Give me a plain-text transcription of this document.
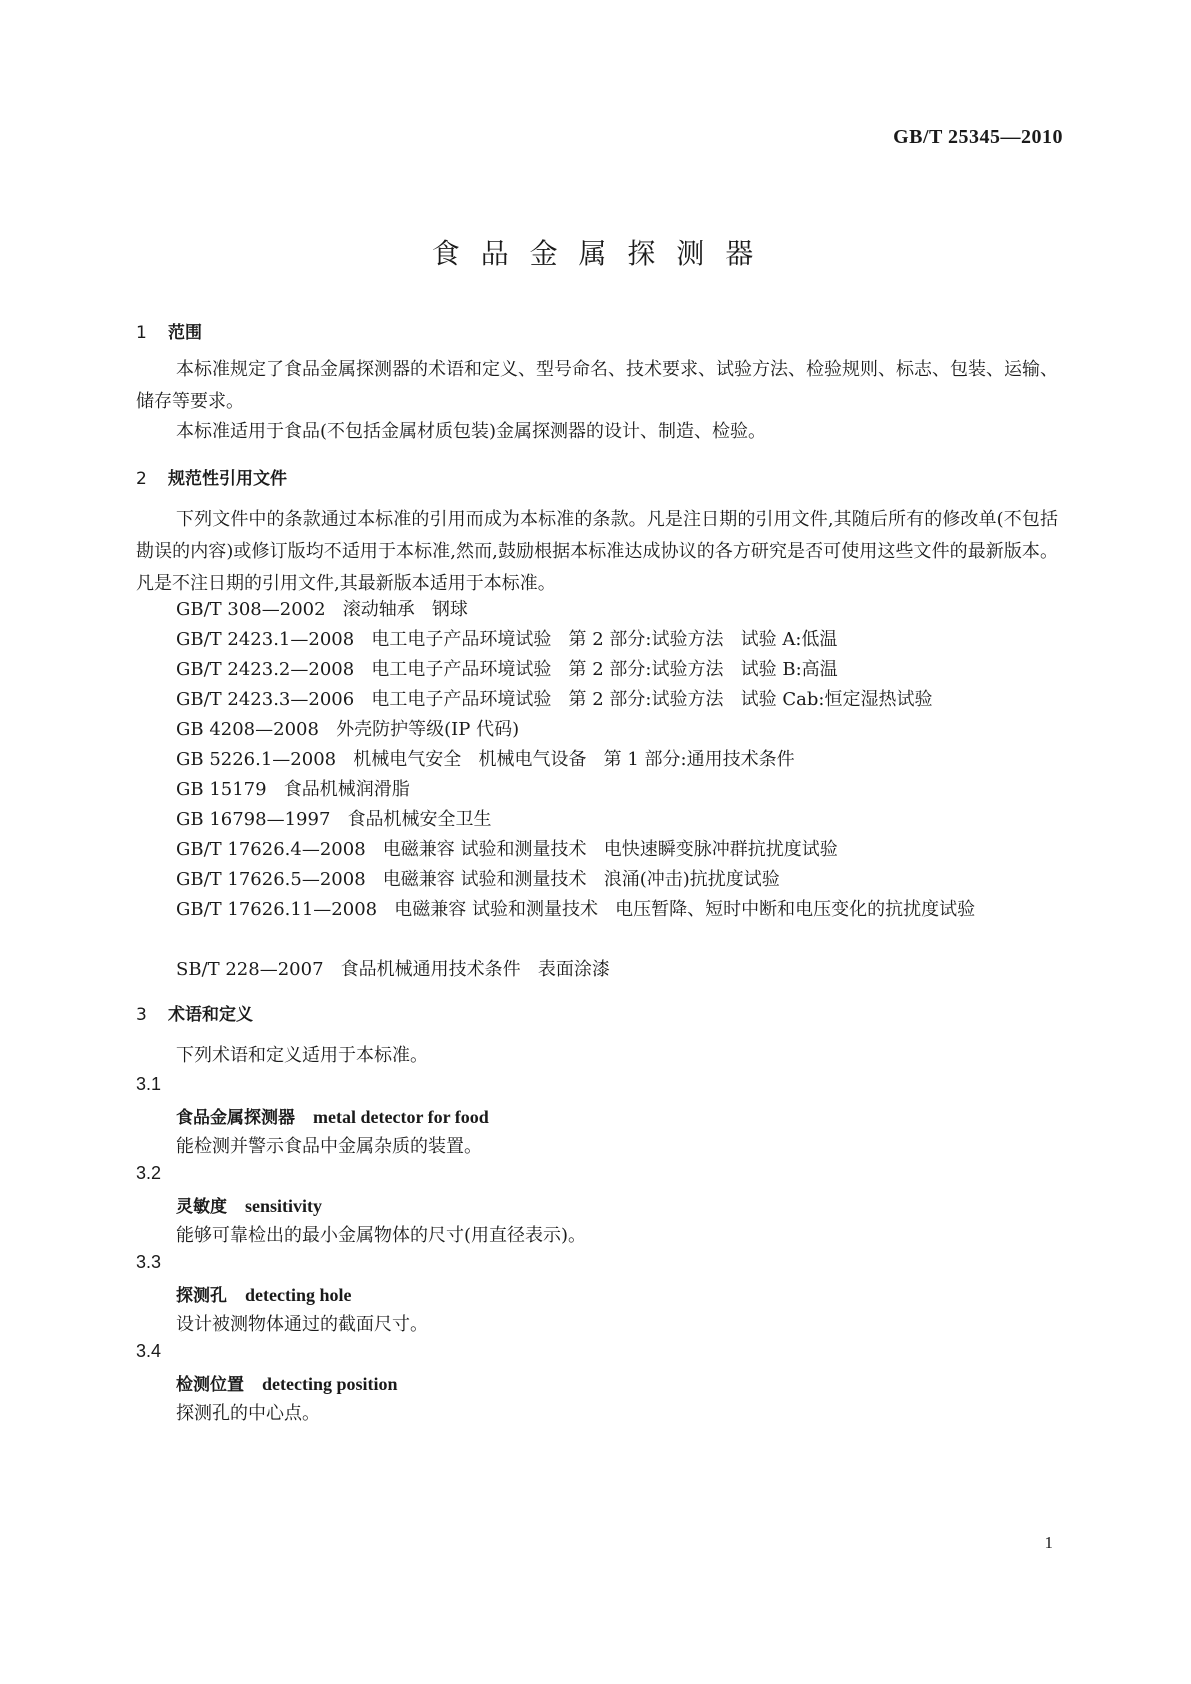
GB/T 25345—2010
食 品 金 属 探 测 器
1 范围
本标准规定了食品金属探测器的术语和定义、型号命名、技术要求、试验方法、检验规则、标志、包装、运输、储存等要求。
本标准适用于食品(不包括金属材质包装)金属探测器的设计、制造、检验。
2 规范性引用文件
下列文件中的条款通过本标准的引用而成为本标准的条款。凡是注日期的引用文件,其随后所有的修改单(不包括勘误的内容)或修订版均不适用于本标准,然而,鼓励根据本标准达成协议的各方研究是否可使用这些文件的最新版本。凡是不注日期的引用文件,其最新版本适用于本标准。
GB/T 308—2002   滚动轴承   钢球
GB/T 2423.1—2008   电工电子产品环境试验   第 2 部分:试验方法   试验 A:低温
GB/T 2423.2—2008   电工电子产品环境试验   第 2 部分:试验方法   试验 B:高温
GB/T 2423.3—2006   电工电子产品环境试验   第 2 部分:试验方法   试验 Cab:恒定湿热试验
GB 4208—2008   外壳防护等级(IP 代码)
GB 5226.1—2008   机械电气安全   机械电气设备   第 1 部分:通用技术条件
GB 15179   食品机械润滑脂
GB 16798—1997   食品机械安全卫生
GB/T 17626.4—2008   电磁兼容 试验和测量技术   电快速瞬变脉冲群抗扰度试验
GB/T 17626.5—2008   电磁兼容 试验和测量技术   浪涌(冲击)抗扰度试验
GB/T 17626.11—2008   电磁兼容 试验和测量技术   电压暂降、短时中断和电压变化的抗扰度试验
SB/T 228—2007   食品机械通用技术条件   表面涂漆
3 术语和定义
下列术语和定义适用于本标准。
3.1
食品金属探测器 metal detector for food
能检测并警示食品中金属杂质的装置。
3.2
灵敏度 sensitivity
能够可靠检出的最小金属物体的尺寸(用直径表示)。
3.3
探测孔 detecting hole
设计被测物体通过的截面尺寸。
3.4
检测位置 detecting position
探测孔的中心点。
1
